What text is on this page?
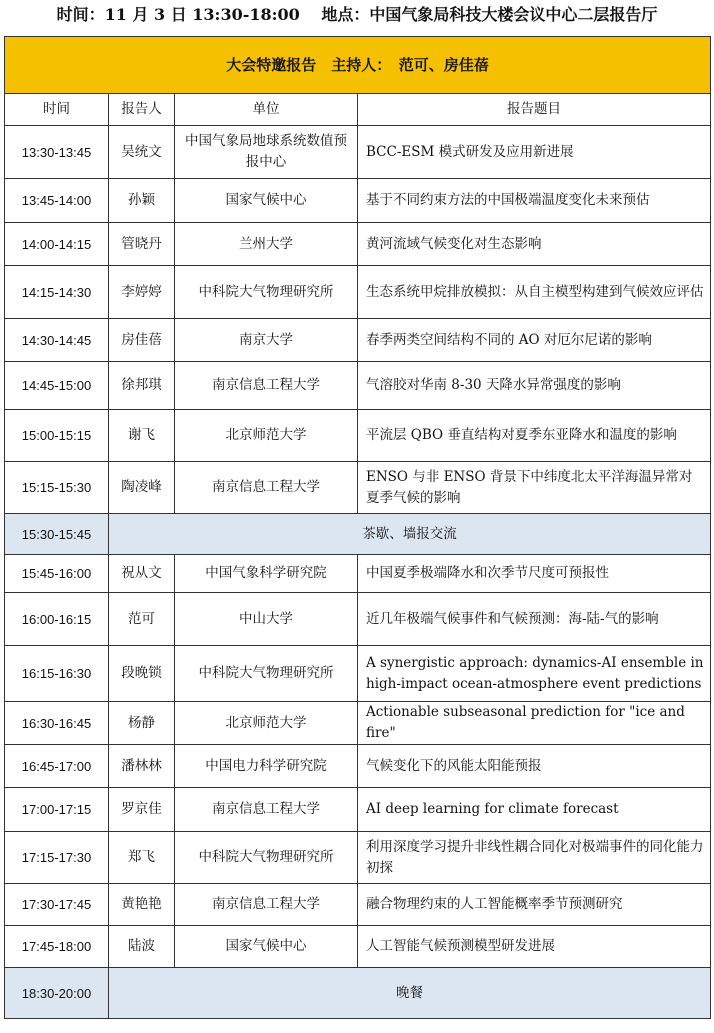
时间：11 月 3 日 13:30-18:00　 地点：中国气象局科技大楼会议中心二层报告厅
大会特邀报告　主持人：　范可、房佳蓓			
时间	报告人	单位	报告题目
13:30-13:45	吴统文	中国气象局地球系统数值预报中心	BCC-ESM 模式研发及应用新进展
13:45-14:00	孙颖	国家气候中心	基于不同约束方法的中国极端温度变化未来预估
14:00-14:15	管晓丹	兰州大学	黄河流域气候变化对生态影响
14:15-14:30	李婷婷	中科院大气物理研究所	生态系统甲烷排放模拟：从自主模型构建到气候效应评估
14:30-14:45	房佳蓓	南京大学	春季两类空间结构不同的 AO 对厄尔尼诺的影响
14:45-15:00	徐邦琪	南京信息工程大学	气溶胶对华南 8-30 天降水异常强度的影响
15:00-15:15	谢飞	北京师范大学	平流层 QBO 垂直结构对夏季东亚降水和温度的影响
15:15-15:30	陶凌峰	南京信息工程大学	ENSO 与非 ENSO 背景下中纬度北太平洋海温异常对夏季气候的影响
15:30-15:45	茶歇、墙报交流		
15:45-16:00	祝从文	中国气象科学研究院	中国夏季极端降水和次季节尺度可预报性
16:00-16:15	范可	中山大学	近几年极端气候事件和气候预测：海-陆-气的影响
16:15-16:30	段晚锁	中科院大气物理研究所	A synergistic approach: dynamics-AI ensemble in high-impact ocean-atmosphere event predictions
16:30-16:45	杨静	北京师范大学	Actionable subseasonal prediction for "ice and fire"
16:45-17:00	潘林林	中国电力科学研究院	气候变化下的风能太阳能预报
17:00-17:15	罗京佳	南京信息工程大学	AI deep learning for climate forecast
17:15-17:30	郑飞	中科院大气物理研究所	利用深度学习提升非线性耦合同化对极端事件的同化能力初探
17:30-17:45	黄艳艳	南京信息工程大学	融合物理约束的人工智能概率季节预测研究
17:45-18:00	陆波	国家气候中心	人工智能气候预测模型研发进展
18:30-20:00	晚餐		
